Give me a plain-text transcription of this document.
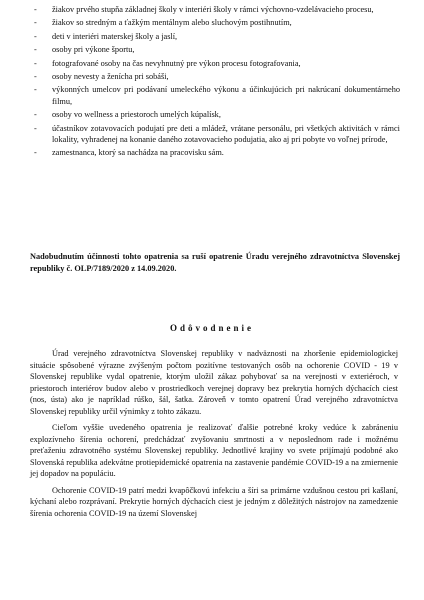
- žiakov prvého stupňa základnej školy v interiéri školy v rámci výchovno-vzdelávacieho procesu,
- žiakov so stredným a ťažkým mentálnym alebo sluchovým postihnutím,
- deti v interiéri materskej školy a jaslí,
- osoby pri výkone športu,
- fotografované osoby na čas nevyhnutný pre výkon procesu fotografovania,
- osoby nevesty a ženícha pri sobáši,
- výkonných umelcov pri podávaní umeleckého výkonu a účinkujúcich pri nakrúcaní dokumentárneho filmu,
- osoby vo wellness a priestoroch umelých kúpalísk,
- účastníkov zotavovacích podujatí pre deti a mládež, vrátane personálu, pri všetkých aktivitách v rámci lokality, vyhradenej na konanie daného zotavovacieho podujatia, ako aj pri pobyte vo voľnej prírode,
- zamestnanca, ktorý sa nachádza na pracovisku sám.

Nadobudnutím účinnosti tohto opatrenia sa ruší opatrenie Úradu verejného zdravotníctva Slovenskej republiky č. OLP/7189/2020 z 14.09.2020.

Odôvodnenie

Úrad verejného zdravotníctva Slovenskej republiky v nadväznosti na zhoršenie epidemiologickej situácie spôsobené výrazne zvýšeným počtom pozitívne testovaných osôb na ochorenie COVID - 19 v Slovenskej republike vydal opatrenie, ktorým uložil zákaz pohybovať sa na verejnosti v exteriéroch, v priestoroch interiérov budov alebo v prostriedkoch verejnej dopravy bez prekrytia horných dýchacích ciest (nos, ústa) ako je napríklad rúško, šál, šatka. Zároveň v tomto opatrení Úrad verejného zdravotníctva Slovenskej republiky určil výnimky z tohto zákazu.

Cieľom vyššie uvedeného opatrenia je realizovať ďalšie potrebné kroky vedúce k zabráneniu explozívneho šírenia ochorení, predchádzať zvyšovaniu smrtnosti a v neposlednom rade i možnému preťaženiu zdravotného systému Slovenskej republiky. Jednotlivé krajiny vo svete prijímajú podobné ako Slovenská republika adekvátne protiepidemické opatrenia na zastavenie pandémie COVID-19 a na zmiernenie jej dopadov na populáciu.

Ochorenie COVID-19 patrí medzi kvapôčkovú infekciu a šíri sa primárne vzdušnou cestou pri kašlaní, kýchaní alebo rozprávaní. Prekrytie horných dýchacích ciest je jedným z dôležitých nástrojov na zamedzenie šírenia ochorenia COVID-19 na území Slovenskej
